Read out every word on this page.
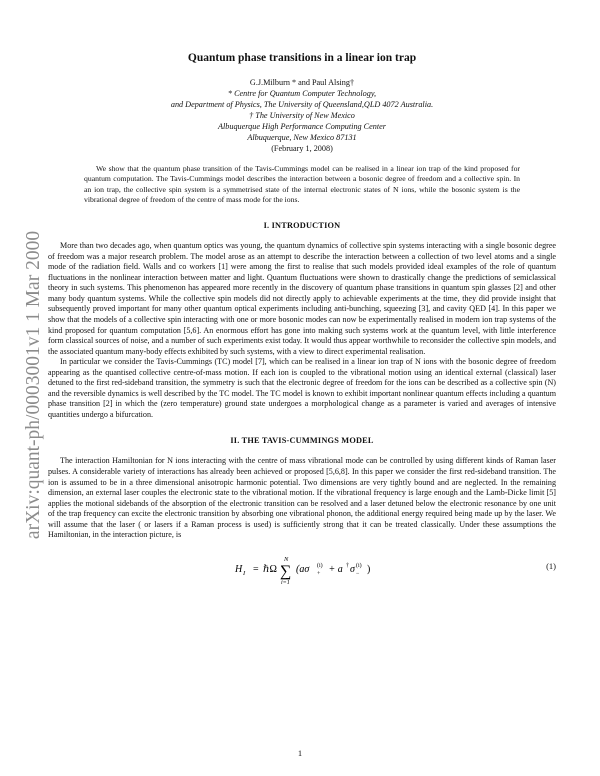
arXiv:quant-ph/0003001v1 1 Mar 2000
Quantum phase transitions in a linear ion trap
G.J.Milburn * and Paul Alsing†
* Centre for Quantum Computer Technology,
and Department of Physics, The University of Queensland,QLD 4072 Australia.
† The University of New Mexico
Albuquerque High Performance Computing Center
Albuquerque, New Mexico 87131
(February 1, 2008)
We show that the quantum phase transition of the Tavis-Cummings model can be realised in a linear ion trap of the kind proposed for quantum computation. The Tavis-Cummings model describes the interaction between a bosonic degree of freedom and a collective spin. In an ion trap, the collective spin system is a symmetrised state of the internal electronic states of N ions, while the bosonic system is the vibrational degree of freedom of the centre of mass mode for the ions.
I. INTRODUCTION

More than two decades ago, when quantum optics was young, the quantum dynamics of collective spin systems interacting with a single bosonic degree of freedom was a major research problem. The model arose as an attempt to describe the interaction between a collection of two level atoms and a single mode of the radiation field. Walls and co workers [1] were among the first to realise that such models provided ideal examples of the role of quantum fluctuations in the nonlinear interaction between matter and light. Quantum fluctuations were shown to drastically change the predictions of semiclassical theory in such systems. This phenomenon has appeared more recently in the discovery of quantum phase transitions in quantum spin glasses [2] and other many body quantum systems. While the collective spin models did not directly apply to achievable experiments at the time, they did provide insight that subsequently proved important for many other quantum optical experiments including anti-bunching, squeezing [3], and cavity QED [4]. In this paper we show that the models of a collective spin interacting with one or more bosonic modes can now be experimentally realised in modern ion trap systems of the kind proposed for quantum computation [5,6]. An enormous effort has gone into making such systems work at the quantum level, with little interference form classical sources of noise, and a number of such experiments exist today. It would thus appear worthwhile to reconsider the collective spin models, and the associated quantum many-body effects exhibited by such systems, with a view to direct experimental realisation.

In particular we consider the Tavis-Cummings (TC) model [7], which can be realised in a linear ion trap of N ions with the bosonic degree of freedom appearing as the quantised collective centre-of-mass motion. If each ion is coupled to the vibrational motion using an identical external (classical) laser detuned to the first red-sideband transition, the symmetry is such that the electronic degree of freedom for the ions can be described as a collective spin (N) and the reversible dynamics is well described by the TC model. The TC model is known to exhibit important nonlinear quantum effects including a quantum phase transition [2] in which the (zero temperature) ground state undergoes a morphological change as a parameter is varied and averages of intensive quantities undergo a bifurcation.

II. THE TAVIS-CUMMINGS MODEL

The interaction Hamiltonian for N ions interacting with the centre of mass vibrational mode can be controlled by using different kinds of Raman laser pulses. A considerable variety of interactions has already been achieved or proposed [5,6,8]. In this paper we consider the first red-sideband transition. The ion is assumed to be in a three dimensional anisotropic harmonic potential. Two dimensions are very tightly bound and are neglected. In the remaining dimension, an external laser couples the electronic state to the vibrational motion. If the vibrational frequency is large enough and the Lamb-Dicke limit [5] applies the motional sidebands of the absorption of the electronic transition can be resolved and a laser detuned below the electronic resonance by one unit of the trap frequency can excite the electronic transition by absorbing one vibrational phonon, the additional energy required being made up by the laser. We will assume that the laser ( or lasers if a Raman process is used) is sufficiently strong that it can be treated classically. Under these assumptions the Hamiltonian, in the interaction picture, is

H I = ℏΩ
N
∑
i=1
(aσ (i)
+ + a † σ (i)
− )	(1)
1
